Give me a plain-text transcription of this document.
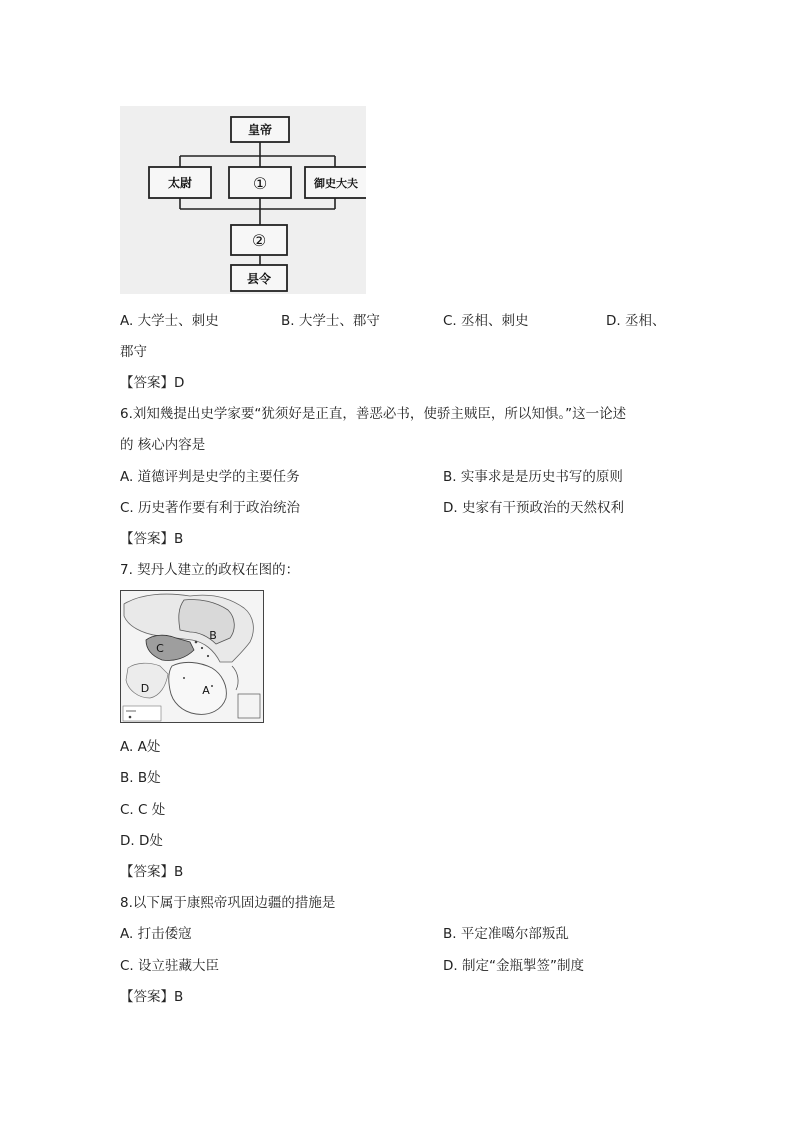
皇帝
太尉	①	御史大夫
②
县令
A. 大学士、刺史	B. 大学士、郡守	C. 丞相、刺史	D. 丞相、
郡守
【答案】D
6.刘知幾提出史学家要“犹须好是正直，善恶必书，使骄主贼臣，所以知惧。”这一论述
的 核心内容是
A. 道德评判是史学的主要任务	B. 实事求是是历史书写的原则
C. 历史著作要有利于政治统治	D. 史家有干预政治的天然权利
【答案】B
7. 契丹人建立的政权在图的：
B
C
D	A
A. A处
B. B处
C. C 处
D. D处
【答案】B
8.以下属于康熙帝巩固边疆的措施是
A. 打击倭寇	B. 平定准噶尔部叛乱
C. 设立驻藏大臣	D. 制定“金瓶掣签”制度
【答案】B
